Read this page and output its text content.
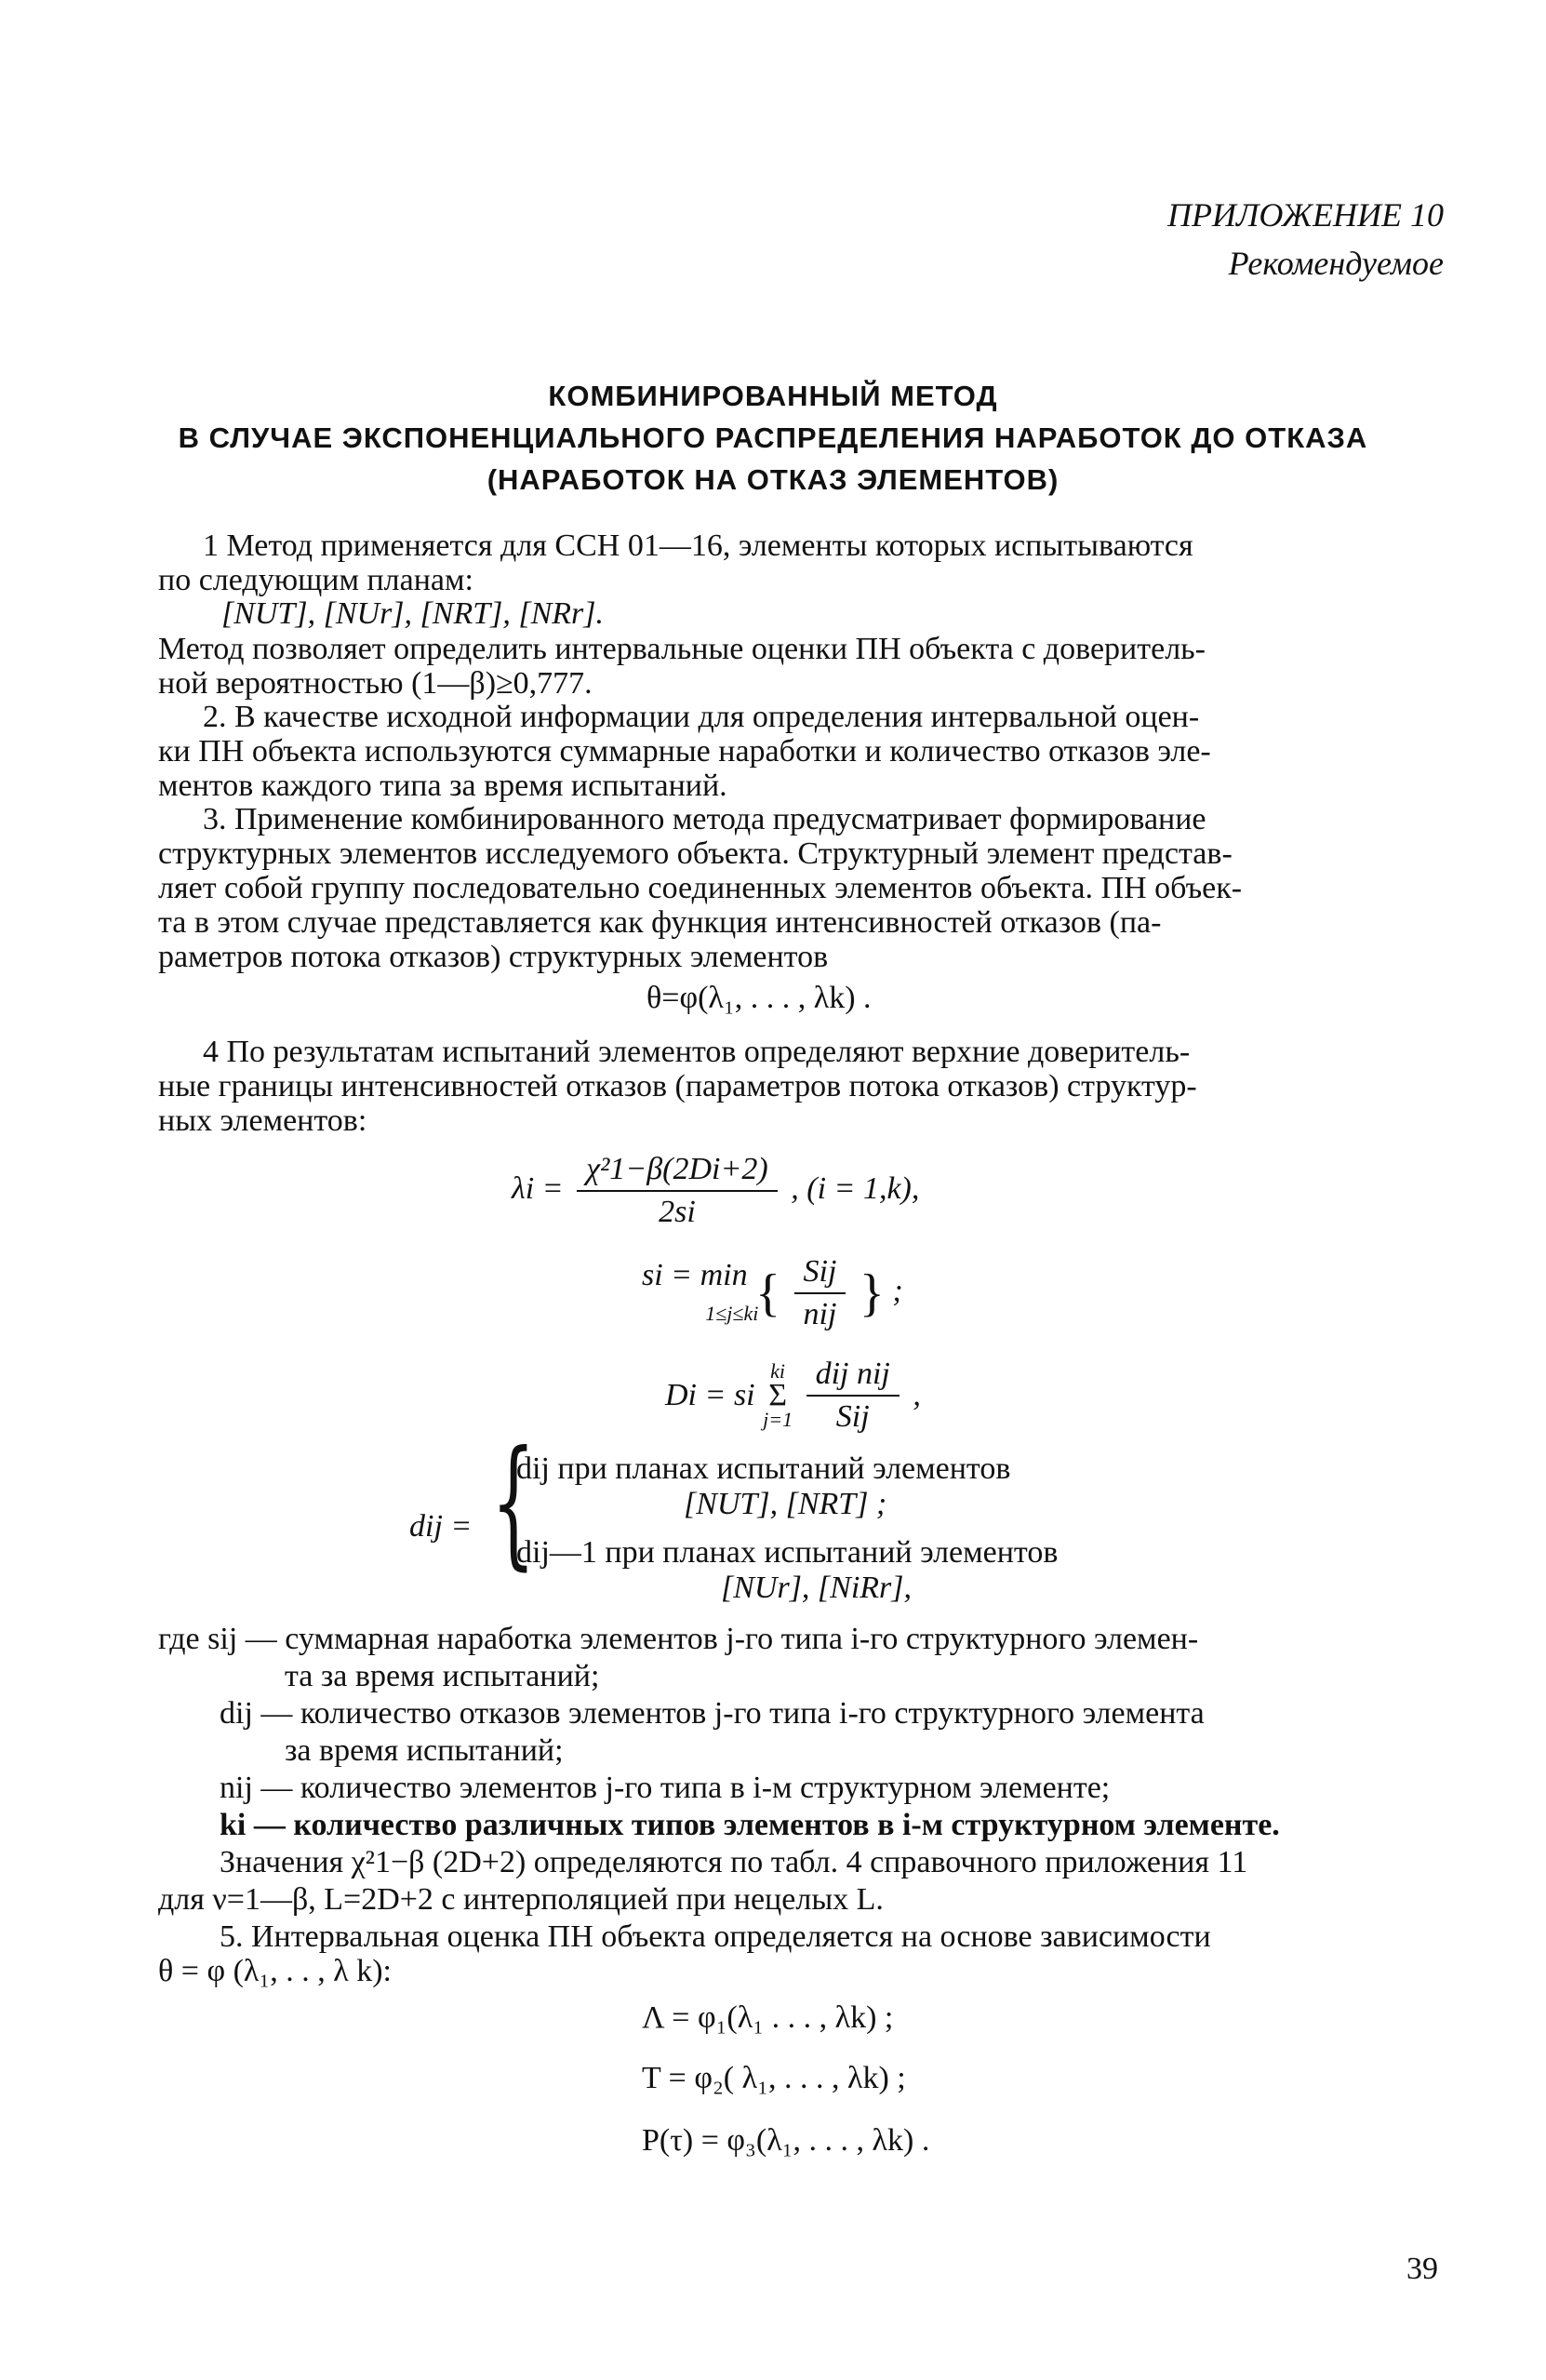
ПРИЛОЖЕНИЕ 10
Рекомендуемое
КОМБИНИРОВАННЫЙ МЕТОД
В СЛУЧАЕ ЭКСПОНЕНЦИАЛЬНОГО РАСПРЕДЕЛЕНИЯ НАРАБОТОК ДО ОТКАЗА
(НАРАБОТОК НА ОТКАЗ ЭЛЕМЕНТОВ)
1 Метод применяется для ССН 01—16, элементы которых испытываются
по следующим планам:
[NUT], [NUr], [NRT], [NRr].
Метод позволяет определить интервальные оценки ПН объекта с доверитель-
ной вероятностью (1—β)≥0,777.
2. В качестве исходной информации для определения интервальной оцен-
ки ПН объекта используются суммарные наработки и количество отказов эле-
ментов каждого типа за время испытаний.
3. Применение комбинированного метода предусматривает формирование
структурных элементов исследуемого объекта. Структурный элемент представ-
ляет собой группу последовательно соединенных элементов объекта. ПН объек-
та в этом случае представляется как функция интенсивностей отказов (па-
раметров потока отказов) структурных элементов
θ=φ(λ₁, . . . , λk) .
4 По результатам испытаний элементов определяют верхние доверитель-
ные границы интенсивностей отказов (параметров потока отказов) структур-
ных элементов:
$\lambda i = \frac{\text{χ²1−β(2Di+2)}}{2si}$ , (i = 1,k),
si = min
1≤j≤ki { $\frac{\text{Sij}}{\text{nij}}$ } ;
Di = si
ki
Σ
j=1
$\frac{\text{dij nij}}{\text{Sij}}$ ,
dij = {
dij при планах испытаний элементов
[NUT], [NRT] ;
dij—1 при планах испытаний элементов
[NUr], [NiRr],
где sij — суммарная наработка элементов j-го типа i-го структурного элемен-
та за время испытаний;
dij — количество отказов элементов j-го типа i-го структурного элемента
за время испытаний;
nij — количество элементов j-го типа в i-м структурном элементе;
ki — количество различных типов элементов в i-м структурном элементе.
Значения χ²1−β (2D+2) определяются по табл. 4 справочного приложения 11
для ν=1—β, L=2D+2 с интерполяцией при нецелых L.
5. Интервальная оценка ПН объекта определяется на основе зависимости
θ = φ (λ₁, . . , λ k):
Λ = φ₁(λ₁ . . . , λk) ;
T = φ₂( λ₁, . . . , λk) ;
P(τ) = φ₃(λ₁, . . . , λk) .
39
